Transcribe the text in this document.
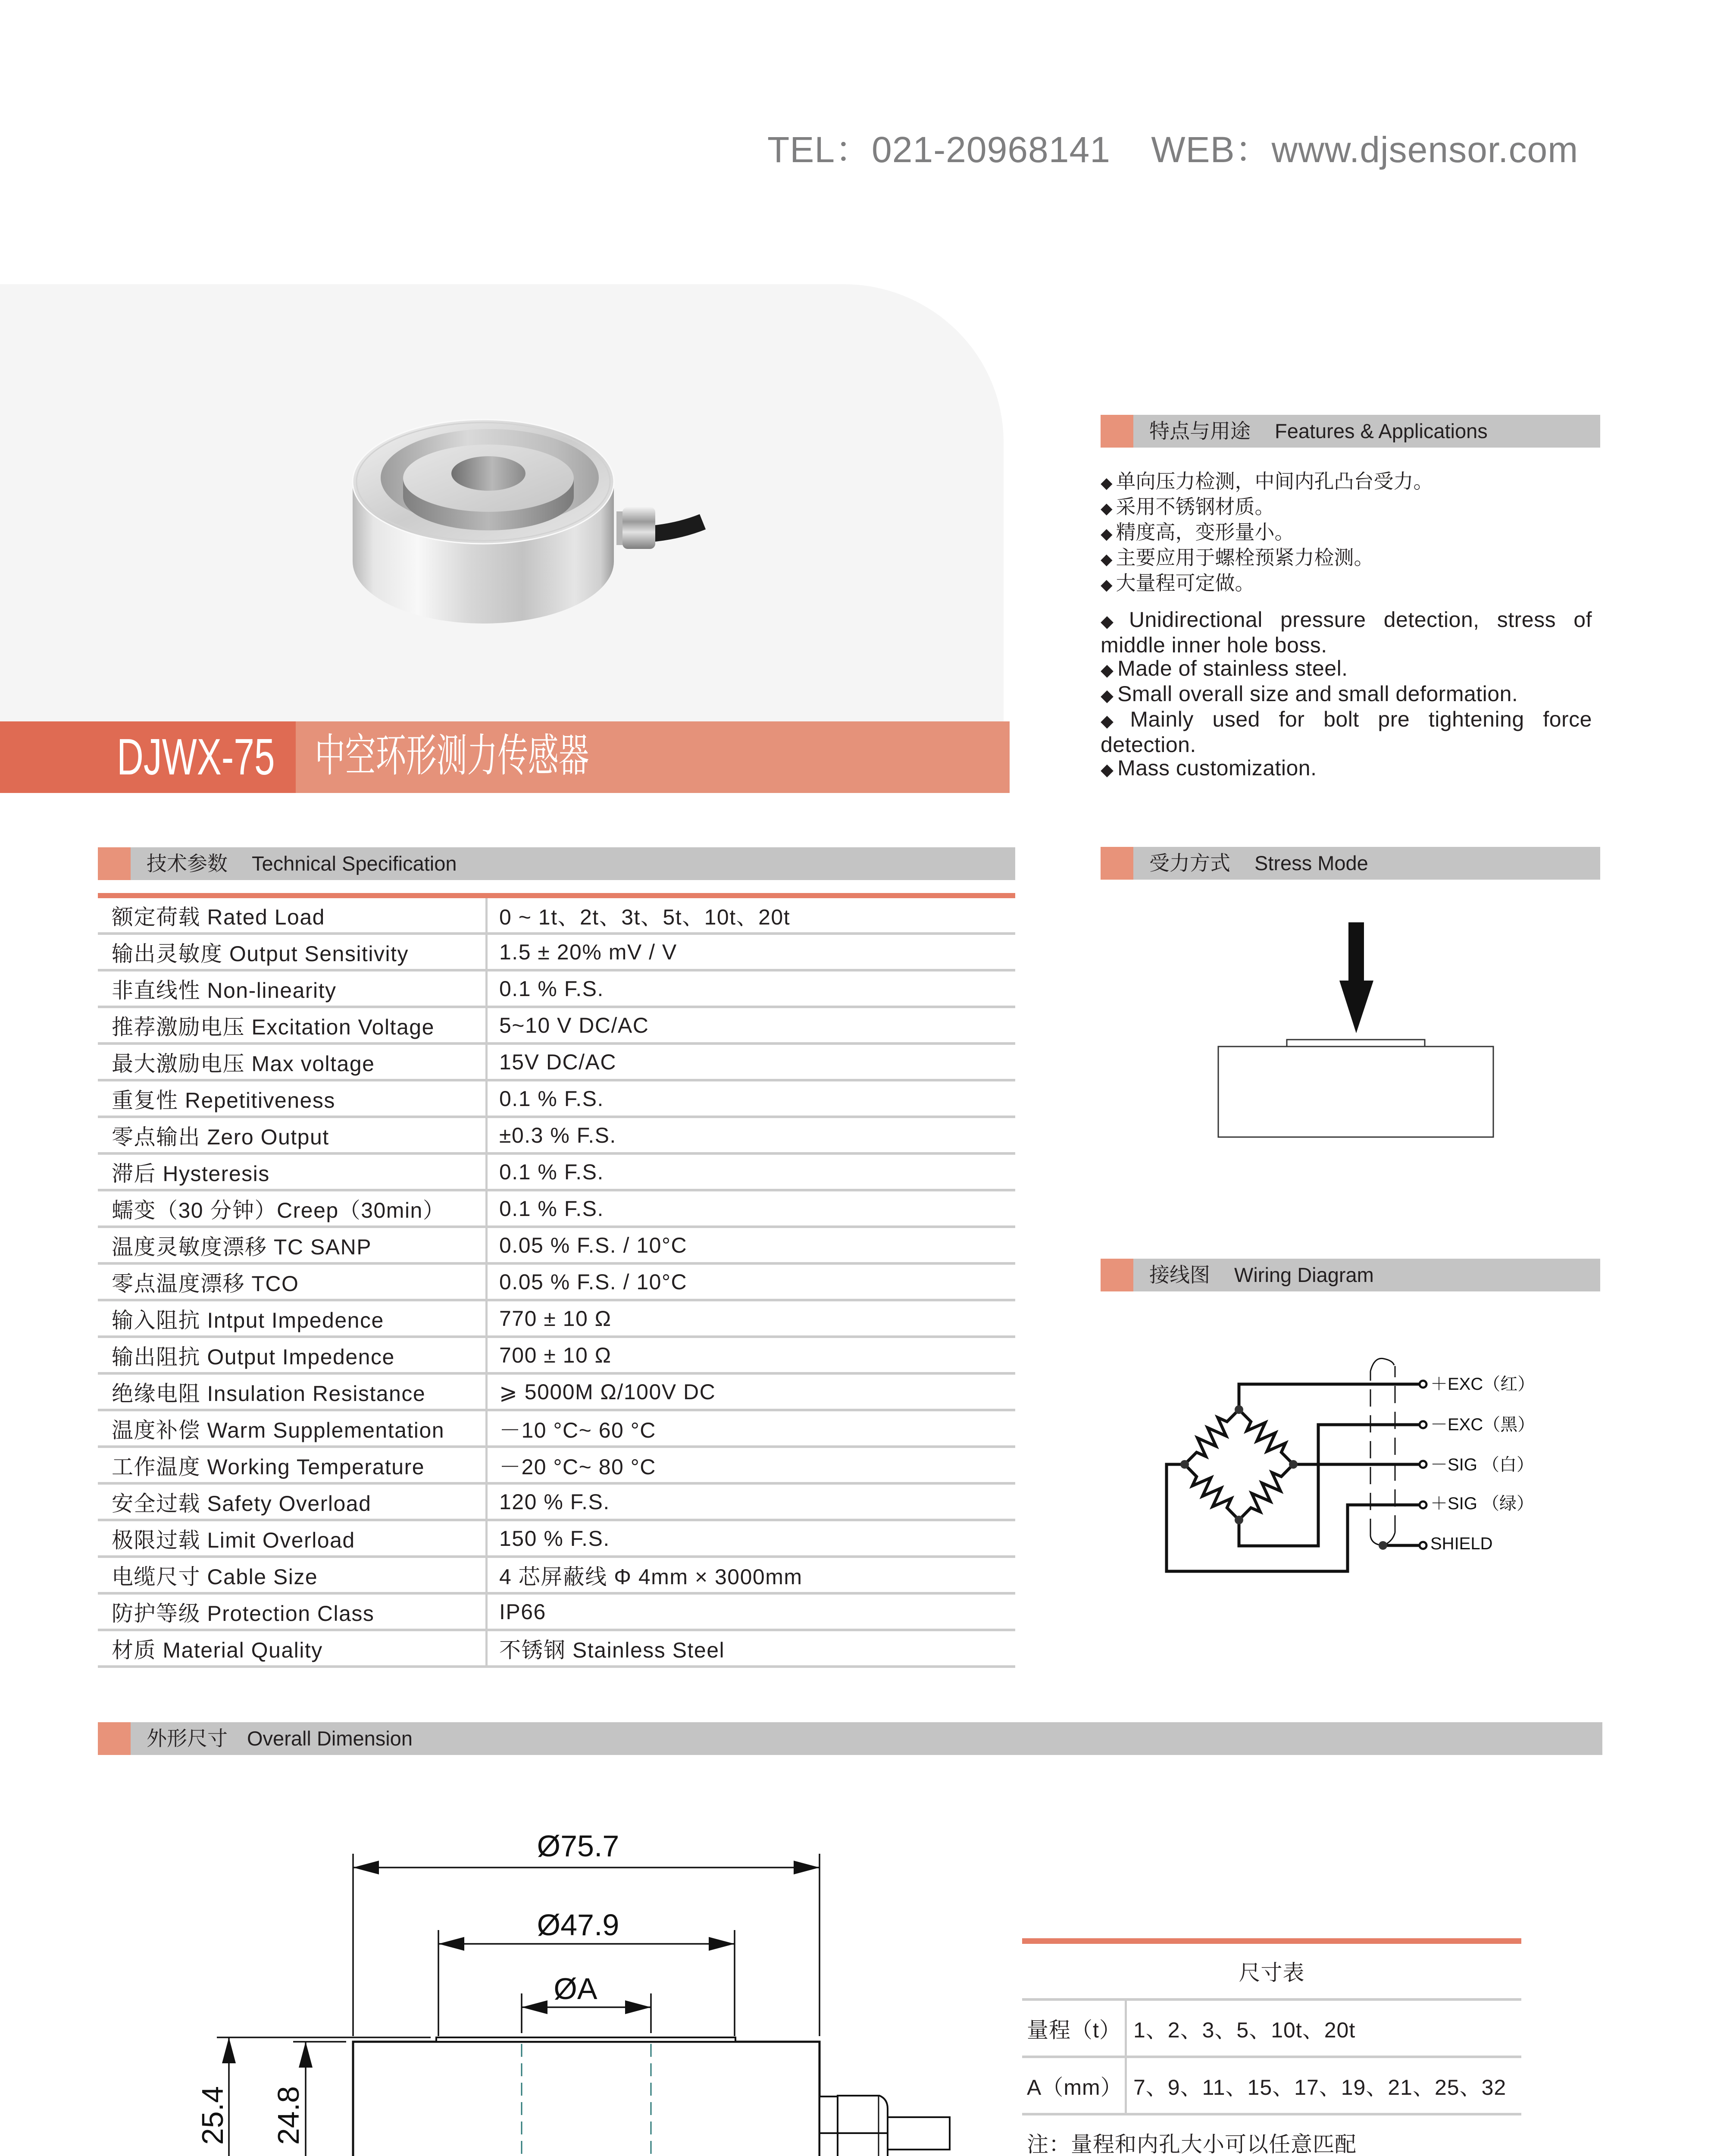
TEL：021-20968141 WEB：www.djsensor.com
DJWX-75 中空环形测力传感器
特点与用途 Features & Applications
◆ 单向压力检测，中间内孔凸台受力。
◆ 采用不锈钢材质。
◆ 精度高，变形量小。
◆ 主要应用于螺栓预紧力检测。
◆ 大量程可定做。
◆ Unidirectional pressure detection, stress of middle inner hole boss.
◆ Made of stainless steel.
◆ Small overall size and small deformation.
◆ Mainly used for bolt pre tightening force detection.
◆ Mass customization.
技术参数 Technical Specification
额定荷载 Rated Load	0 ~ 1t、2t、3t、5t、10t、20t
输出灵敏度 Output Sensitivity	1.5 ± 20% mV / V
非直线性 Non-linearity	0.1 % F.S.
推荐激励电压 Excitation Voltage	5~10 V DC/AC
最大激励电压 Max voltage	15V DC/AC
重复性 Repetitiveness	0.1 % F.S.
零点输出 Zero Output	±0.3 % F.S.
滞后 Hysteresis	0.1 % F.S.
蠕变（30 分钟）Creep（30min）	0.1 % F.S.
温度灵敏度漂移 TC SANP	0.05 % F.S. / 10°C
零点温度漂移 TCO	0.05 % F.S. / 10°C
输入阻抗 Intput Impedence	770 ± 10 Ω
输出阻抗 Output Impedence	700 ± 10 Ω
绝缘电阻 Insulation Resistance	⩾ 5000M Ω/100V DC
温度补偿 Warm Supplementation	－10 °C~ 60 °C
工作温度 Working Temperature	－20 °C~ 80 °C
安全过载 Safety Overload	120 % F.S.
极限过载 Limit Overload	150 % F.S.
电缆尺寸 Cable Size	4 芯屏蔽线 Φ 4mm × 3000mm
防护等级 Protection Class	IP66
材质 Material Quality	不锈钢 Stainless Steel
受力方式 Stress Mode
接线图 Wiring Diagram
＋EXC（红）
－EXC（黑）
－SIG （白）
＋SIG （绿）
SHIELD
外形尺寸 Overall Dimension
Ø75.7
Ø47.9
ØA
25.4 24.8
尺寸表
量程（t） 1、2、3、5、10t、20t
A（mm） 7、9、11、15、17、19、21、25、32
注：量程和内孔大小可以任意匹配
